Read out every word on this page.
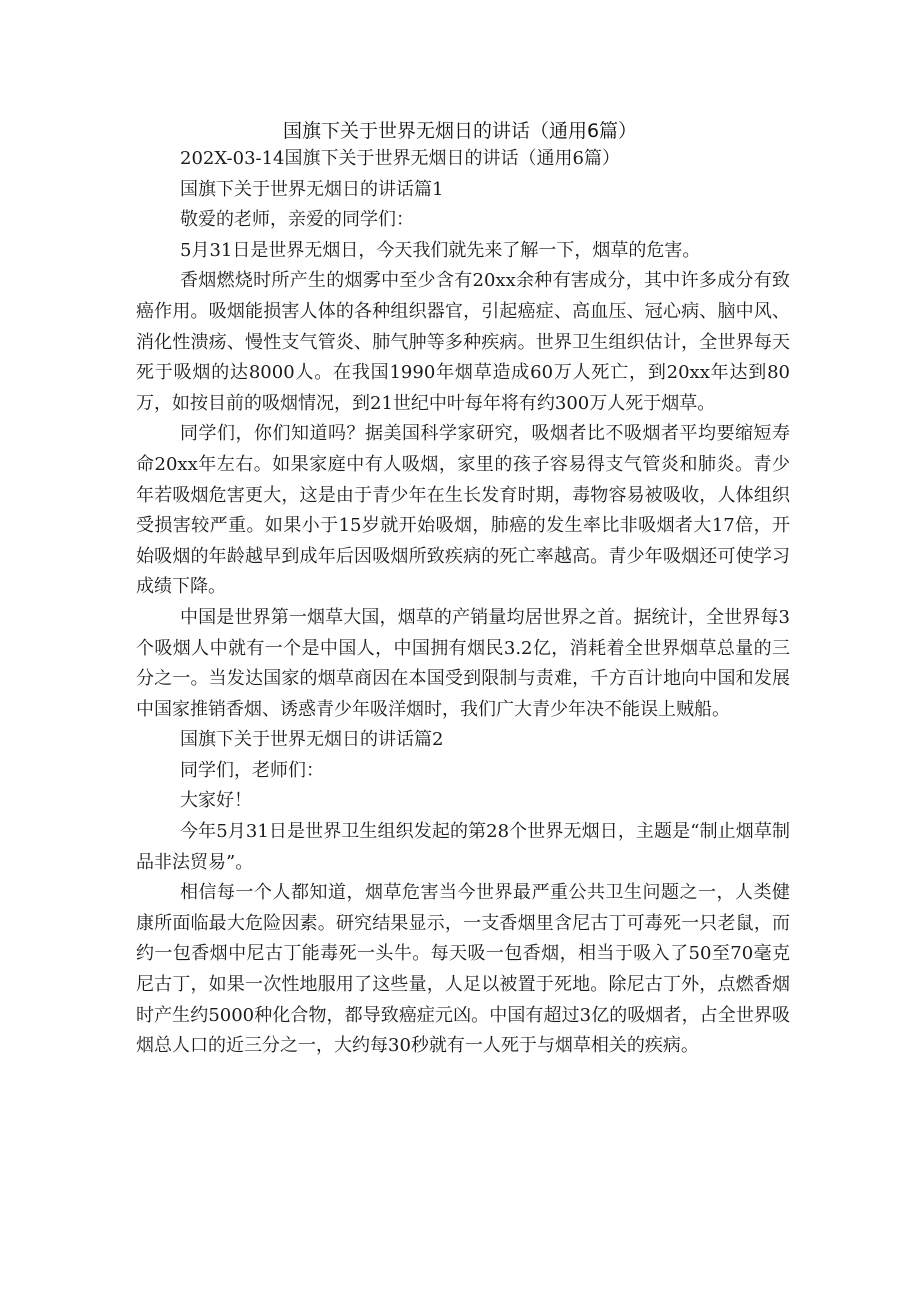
国旗下关于世界无烟日的讲话（通用6篇）

202X-03-14国旗下关于世界无烟日的讲话（通用6篇）

国旗下关于世界无烟日的讲话篇1

敬爱的老师，亲爱的同学们：

5月31日是世界无烟日，今天我们就先来了解一下，烟草的危害。

香烟燃烧时所产生的烟雾中至少含有20xx余种有害成分，其中许多成分有致癌作用。吸烟能损害人体的各种组织器官，引起癌症、高血压、冠心病、脑中风、消化性溃疡、慢性支气管炎、肺气肿等多种疾病。世界卫生组织估计，全世界每天死于吸烟的达8000人。在我国1990年烟草造成60万人死亡，到20xx年达到80万，如按目前的吸烟情况，到21世纪中叶每年将有约300万人死于烟草。

同学们，你们知道吗？据美国科学家研究，吸烟者比不吸烟者平均要缩短寿命20xx年左右。如果家庭中有人吸烟，家里的孩子容易得支气管炎和肺炎。青少年若吸烟危害更大，这是由于青少年在生长发育时期，毒物容易被吸收，人体组织受损害较严重。如果小于15岁就开始吸烟，肺癌的发生率比非吸烟者大17倍，开始吸烟的年龄越早到成年后因吸烟所致疾病的死亡率越高。青少年吸烟还可使学习成绩下降。

中国是世界第一烟草大国，烟草的产销量均居世界之首。据统计，全世界每3个吸烟人中就有一个是中国人，中国拥有烟民3.2亿，消耗着全世界烟草总量的三分之一。当发达国家的烟草商因在本国受到限制与责难，千方百计地向中国和发展中国家推销香烟、诱惑青少年吸洋烟时，我们广大青少年决不能误上贼船。

国旗下关于世界无烟日的讲话篇2

同学们，老师们：

大家好！

今年5月31日是世界卫生组织发起的第28个世界无烟日，主题是“制止烟草制品非法贸易”。

相信每一个人都知道，烟草危害当今世界最严重公共卫生问题之一，人类健康所面临最大危险因素。研究结果显示，一支香烟里含尼古丁可毒死一只老鼠，而约一包香烟中尼古丁能毒死一头牛。每天吸一包香烟，相当于吸入了50至70毫克尼古丁，如果一次性地服用了这些量，人足以被置于死地。除尼古丁外，点燃香烟时产生约5000种化合物，都导致癌症元凶。中国有超过3亿的吸烟者，占全世界吸烟总人口的近三分之一，大约每30秒就有一人死于与烟草相关的疾病。
